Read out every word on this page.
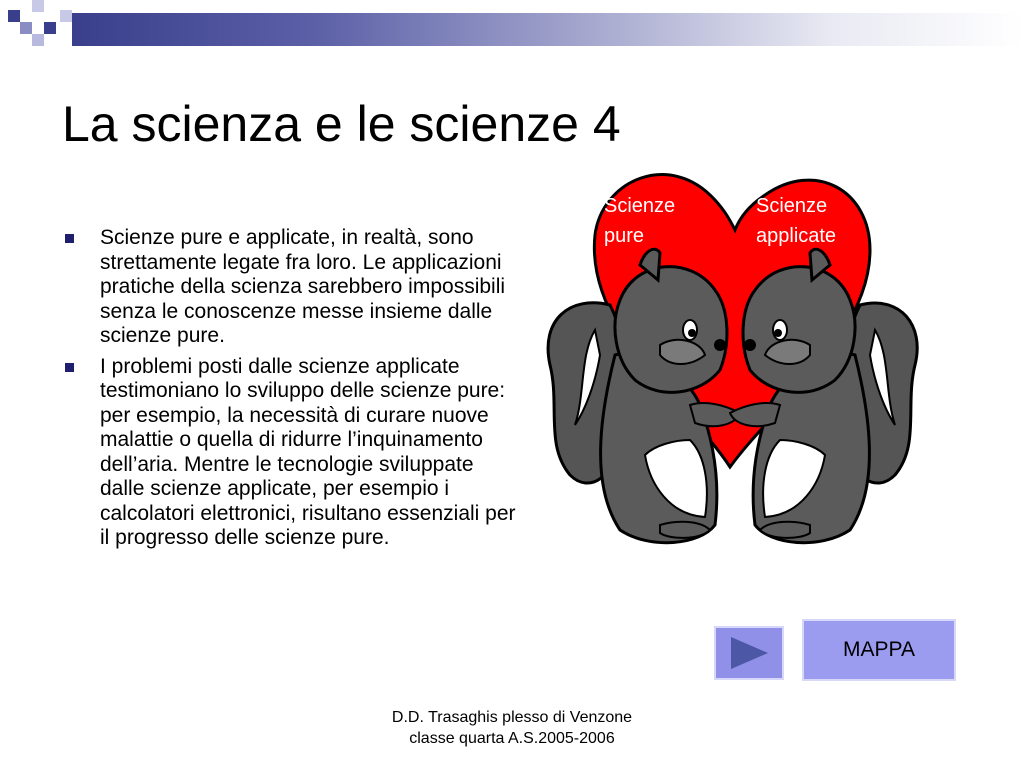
La scienza e le scienze 4
Scienze pure e applicate, in realtà, sono strettamente legate fra loro. Le applicazioni pratiche della scienza sarebbero impossibili senza le conoscenze messe insieme dalle scienze pure.
I problemi posti dalle scienze applicate testimoniano lo sviluppo delle scienze pure: per esempio, la necessità di curare nuove malattie o quella di ridurre l’inquinamento dell’aria. Mentre le tecnologie sviluppate dalle scienze applicate, per esempio i calcolatori elettronici, risultano essenziali per il progresso delle scienze pure.
Scienze
pure
Scienze
applicate
MAPPA
D.D. Trasaghis plesso di Venzone
classe quarta A.S.2005-2006
